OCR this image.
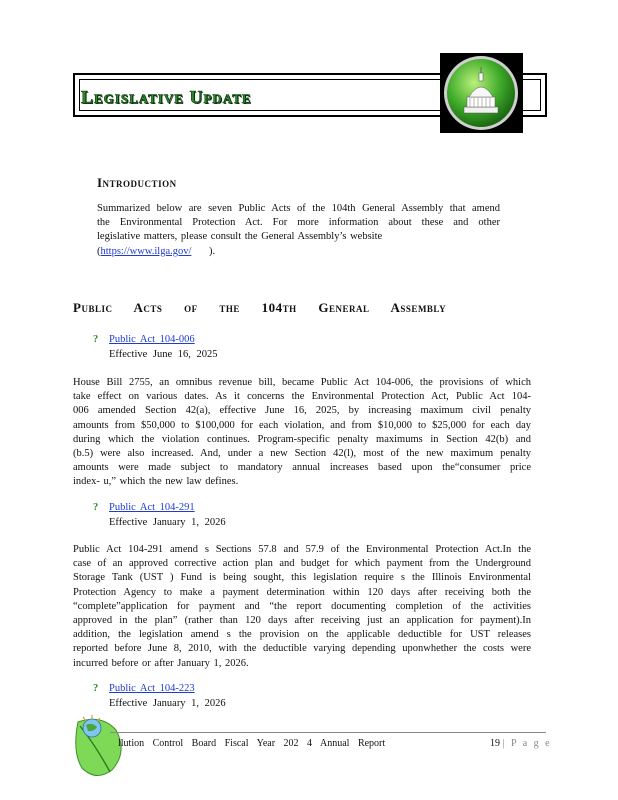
Legislative Update
Introduction
Summarized below are seven Public Acts of the 104th General Assembly that amend
the Environmental Protection Act. For more information about these and other
legislative matters, please consult the General Assembly’s website
(https://www.ilga.gov/ ).
Public Acts of the 104th General Assembly
? Public Act 104-006
Effective June 16, 2025
House Bill 2755, an omnibus revenue bill, became Public Act 104-006, the provisions of which
take effect on various dates. As it concerns the Environmental Protection Act, Public Act 104-
006 amended Section 42(a), effective June 16, 2025, by increasing maximum civil penalty
amounts from $50,000 to $100,000 for each violation, and from $10,000 to $25,000 for each day
during which the violation continues. Program-specific penalty maximums in Section 42(b) and
(b.5) were also increased. And, under a new Section 42(l), most of the new maximum penalty
amounts were made subject to mandatory annual increases based upon the“consumer price
index- u,” which the new law defines.
? Public Act 104-291
Effective January 1, 2026
Public Act 104-291 amend s Sections 57.8 and 57.9 of the Environmental Protection Act.In the
case of an approved corrective action plan and budget for which payment from the Underground
Storage Tank (UST ) Fund is being sought, this legislation require s the Illinois Environmental
Protection Agency to make a payment determination within 120 days after receiving both the
“complete”application for payment and “the report documenting completion of the activities
approved in the plan” (rather than 120 days after receiving just an application for payment).In
addition, the legislation amend s the provision on the applicable deductible for UST releases
reported before June 8, 2010, with the deductible varying depending uponwhether the costs were
incurred before or after January 1, 2026.
? Public Act 104-223
Effective January 1, 2026
llution Control Board Fiscal Year 202 4 Annual Report	19 | P a g e
